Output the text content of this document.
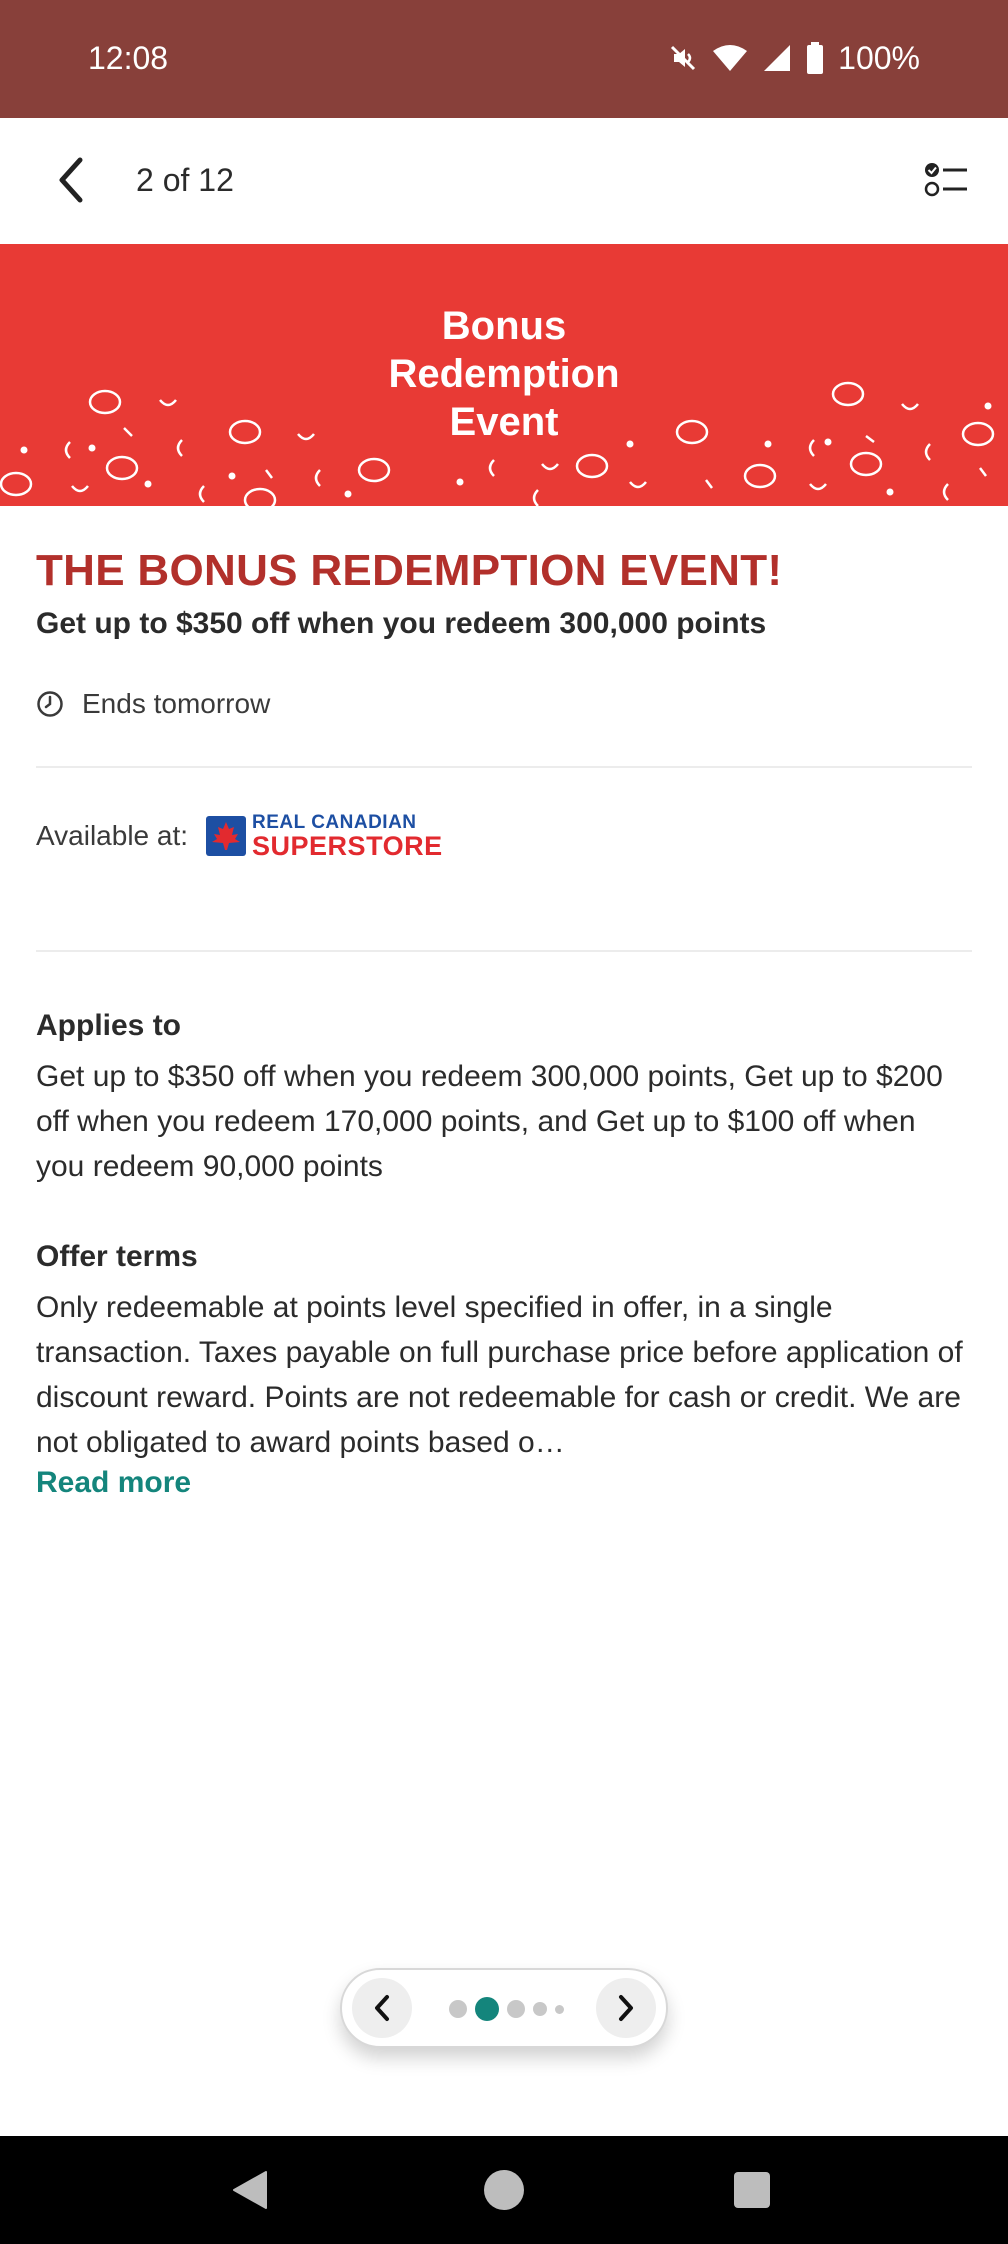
12:08	100%
2 of 12
Bonus
Redemption
Event
THE BONUS REDEMPTION EVENT!
Get up to $350 off when you redeem 300,000 points
Ends tomorrow
Available at:	REAL CANADIAN
SUPERSTORE
Applies to
Get up to $350 off when you redeem 300,000 points, Get up to $200 off when you redeem 170,000 points, and Get up to $100 off when you redeem 90,000 points
Offer terms
Only redeemable at points level specified in offer, in a single transaction. Taxes payable on full purchase price before application of discount reward. Points are not redeemable for cash or credit. We are not obligated to award points based o…
Read more
